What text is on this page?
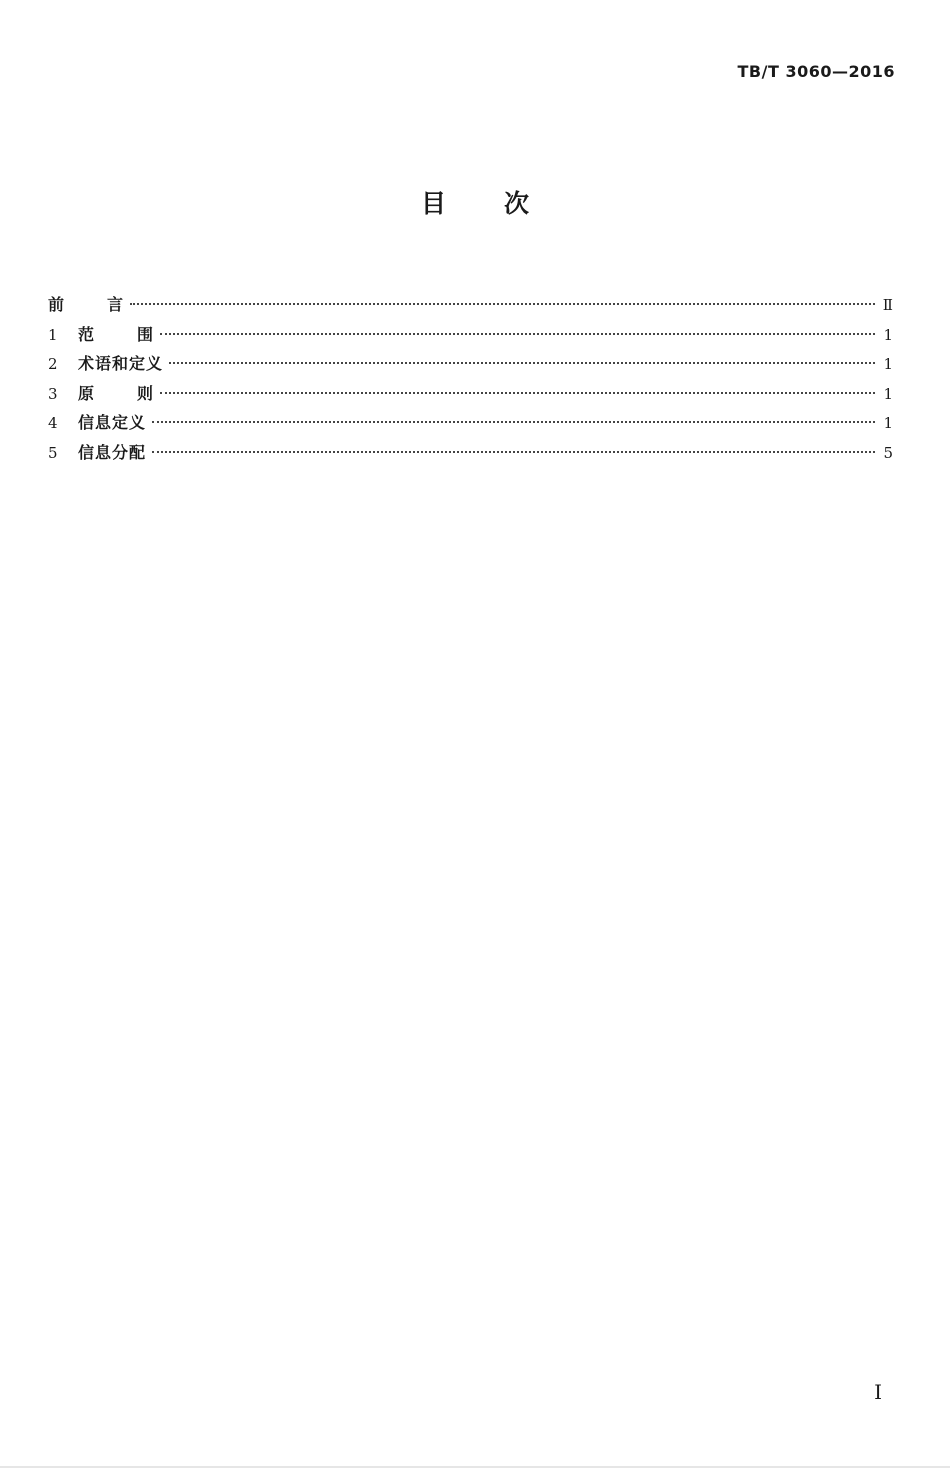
TB/T 3060—2016
目 次
前 言	Ⅱ
1	范 围	1
2	术语和定义	1
3	原 则	1
4	信息定义	1
5	信息分配	5
I
